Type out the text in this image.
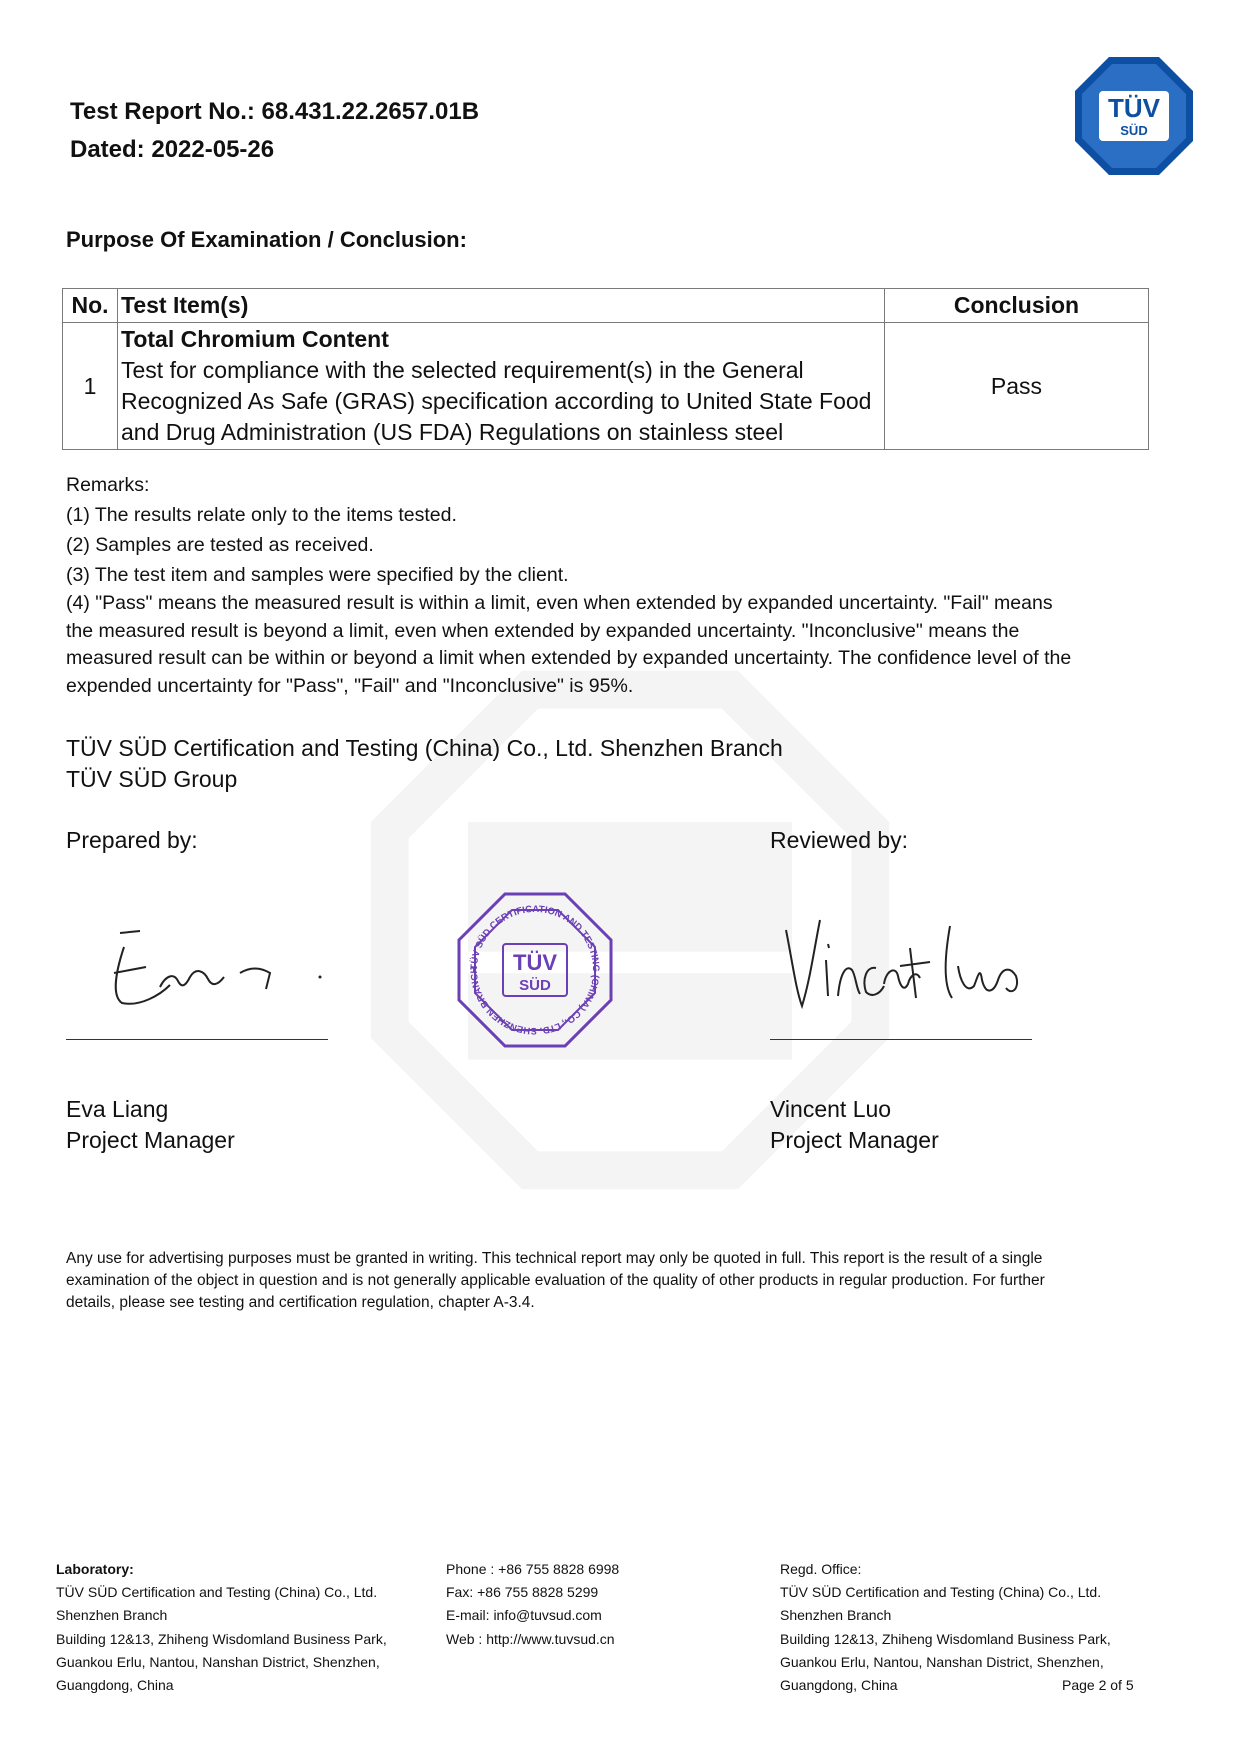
Test Report No.: 68.431.22.2657.01B
Dated: 2022-05-26
TÜV
SÜD
Purpose Of Examination / Conclusion:
No.	Test Item(s)	Conclusion
1	Total Chromium Content
Test for compliance with the selected requirement(s) in the General
Recognized As Safe (GRAS) specification according to United State Food
and Drug Administration (US FDA) Regulations on stainless steel	Pass
Remarks:
(1) The results relate only to the items tested.
(2) Samples are tested as received.
(3) The test item and samples were specified by the client.
(4) "Pass" means the measured result is within a limit, even when extended by expanded uncertainty. "Fail" means
the measured result is beyond a limit, even when extended by expanded uncertainty. "Inconclusive" means the
measured result can be within or beyond a limit when extended by expanded uncertainty. The confidence level of the
expended uncertainty for "Pass", "Fail" and "Inconclusive" is 95%.
TÜV SÜD Certification and Testing (China) Co., Ltd. Shenzhen Branch
TÜV SÜD Group
Prepared by:	Reviewed by:
TÜV SÜD CERTIFICATION AND TESTING (CHINA) CO., LTD. SHENZHEN BRANCH	TÜV
SÜD
Eva Liang
Project Manager
Vincent Luo
Project Manager
Any use for advertising purposes must be granted in writing. This technical report may only be quoted in full. This report is the result of a single
examination of the object in question and is not generally applicable evaluation of the quality of other products in regular production. For further
details, please see testing and certification regulation, chapter A-3.4.
Laboratory:
TÜV SÜD Certification and Testing (China) Co., Ltd.
Shenzhen Branch
Building 12&13, Zhiheng Wisdomland Business Park,
Guankou Erlu, Nantou, Nanshan District, Shenzhen,
Guangdong, China
Phone : +86 755 8828 6998
Fax: +86 755 8828 5299
E-mail: info@tuvsud.com
Web : http://www.tuvsud.cn
Regd. Office:
TÜV SÜD Certification and Testing (China) Co., Ltd.
Shenzhen Branch
Building 12&13, Zhiheng Wisdomland Business Park,
Guankou Erlu, Nantou, Nanshan District, Shenzhen,
Guangdong, China	Page 2 of 5
